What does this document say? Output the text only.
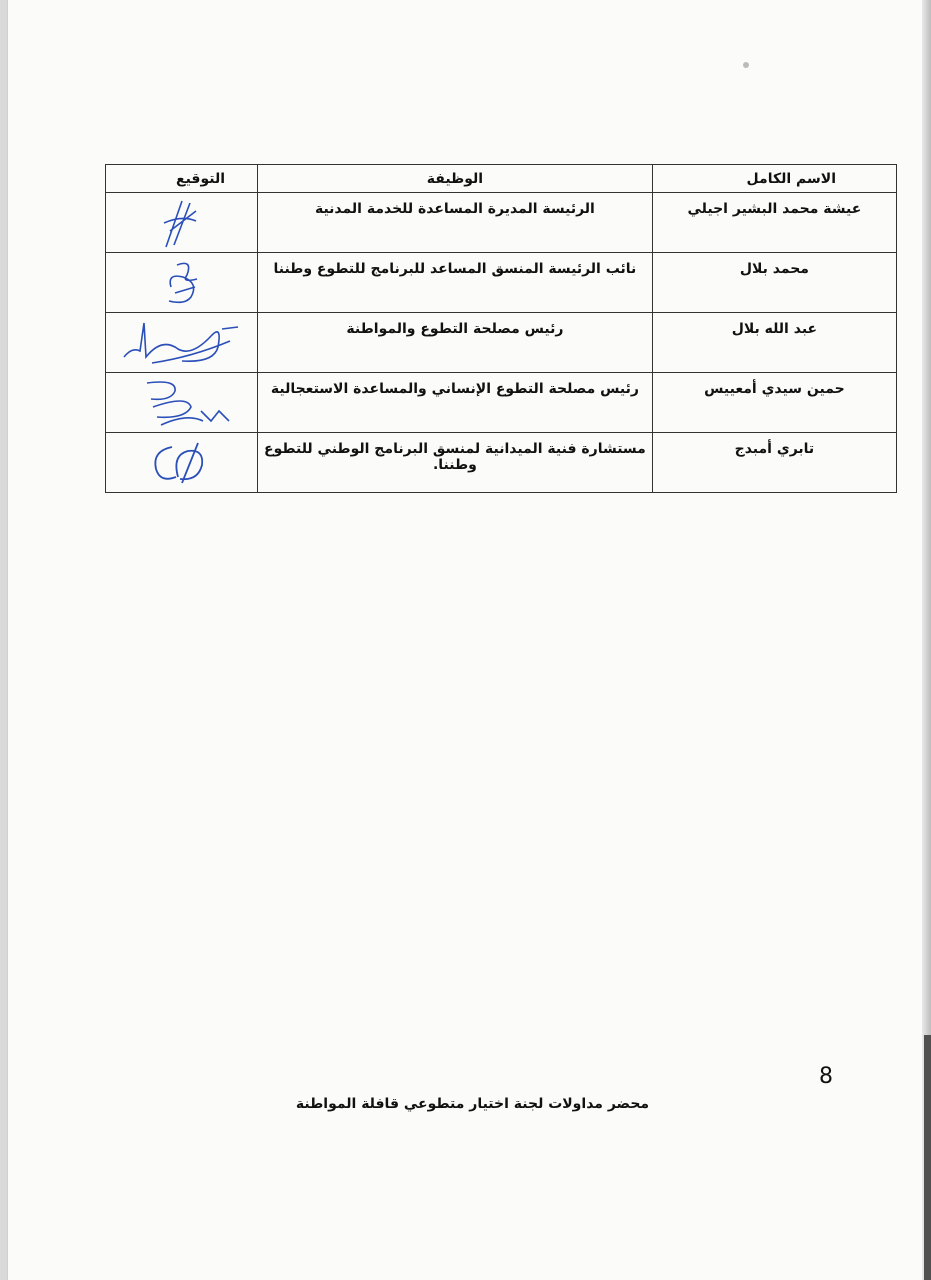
الاسم الكامل	الوظيفة	التوقيع
عيشة محمد البشير اجيلي	الرئيسة المديرة المساعدة للخدمة المدنية	

محمد بلال	نائب الرئيسة المنسق المساعد للبرنامج للتطوع وطننا	

عبد الله بلال	رئيس مصلحة التطوع والمواطنة	

حمين سيدي أمعييس	رئيس مصلحة التطوع الإنساني والمساعدة الاستعجالية	

تابري أمبدج	مستشارة فنية الميدانية لمنسق البرنامج الوطني للتطوع وطننا.	
8
محضر مداولات لجنة اختيار متطوعي قافلة المواطنة
